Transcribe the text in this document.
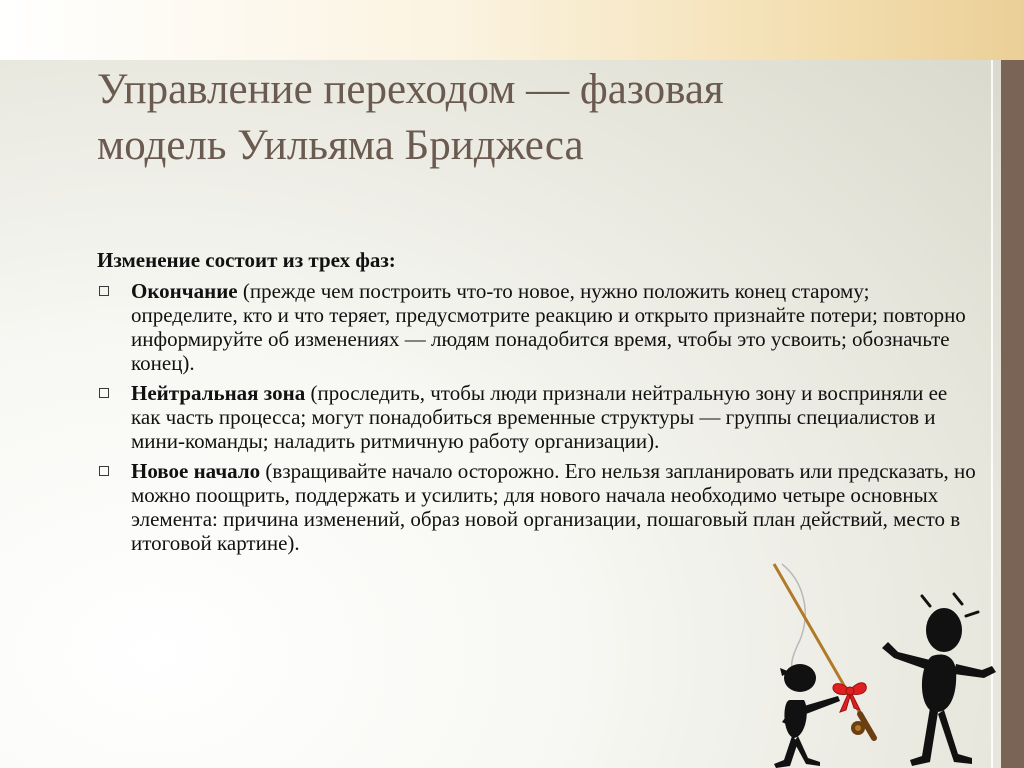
Управление переходом — фазовая
модель Уильяма Бриджеса

Изменение состоит из трех фаз:

Окончание (прежде чем построить что-то новое, нужно положить конец старому; определите, кто и что теряет, предусмотрите реакцию и открыто признайте потери; повторно информируйте об изменениях — людям понадобится время, чтобы это усвоить; обозначьте конец).
Нейтральная зона (проследить, чтобы люди признали нейтральную зону и восприняли ее как часть процесса; могут понадобиться временные структуры — группы специалистов и мини-команды; наладить ритмичную работу организации).
Новое начало (взращивайте начало осторожно. Его нельзя запланировать или предсказать, но можно поощрить, поддержать и усилить; для нового начала необходимо четыре основных элемента: причина изменений, образ новой организации, пошаговый план действий, место в итоговой картине).
